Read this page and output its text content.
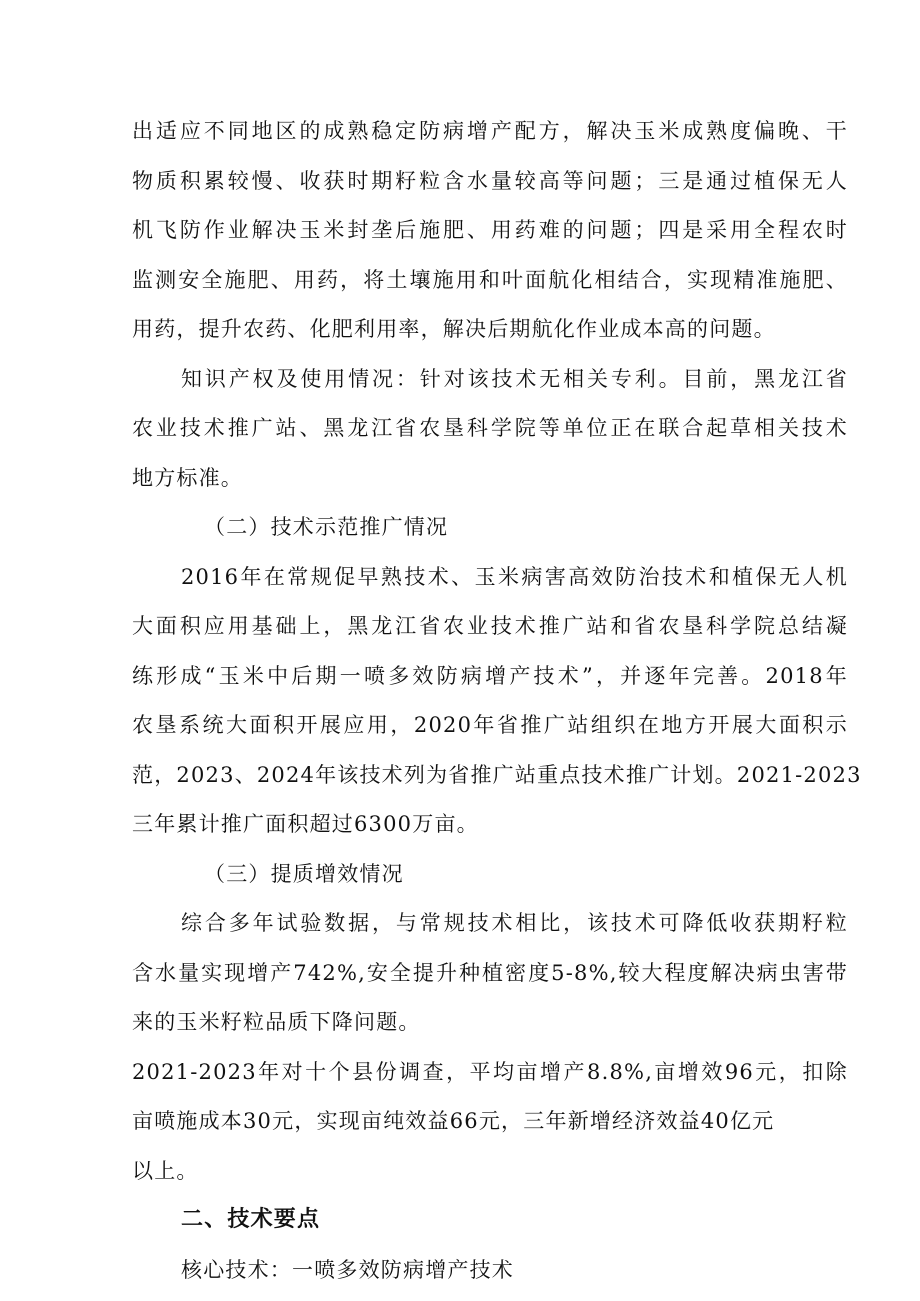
出适应不同地区的成熟稳定防病增产配方，解决玉米成熟度偏晚、干
物质积累较慢、收获时期籽粒含水量较高等问题；三是通过植保无人
机飞防作业解决玉米封垄后施肥、用药难的问题；四是采用全程农时
监测安全施肥、用药，将土壤施用和叶面航化相结合，实现精准施肥、
用药，提升农药、化肥利用率，解决后期航化作业成本高的问题。
知识产权及使用情况：针对该技术无相关专利。目前，黑龙江省
农业技术推广站、黑龙江省农垦科学院等单位正在联合起草相关技术
地方标准。
（二）技术示范推广情况
2016年在常规促早熟技术、玉米病害高效防治技术和植保无人机
大面积应用基础上，黑龙江省农业技术推广站和省农垦科学院总结凝
练形成“玉米中后期一喷多效防病增产技术”，并逐年完善。2018年
农垦系统大面积开展应用，2020年省推广站组织在地方开展大面积示
范，2023、2024年该技术列为省推广站重点技术推广计划。2021-2023
三年累计推广面积超过6300万亩。
（三）提质增效情况
综合多年试验数据，与常规技术相比，该技术可降低收获期籽粒
含水量实现增产742%,安全提升种植密度5-8%,较大程度解决病虫害带
来的玉米籽粒品质下降问题。
2021-2023年对十个县份调查，平均亩增产8.8%,亩增效96元，扣除
亩喷施成本30元，实现亩纯效益66元，三年新增经济效益40亿元
以上。
二、技术要点
核心技术：一喷多效防病增产技术
